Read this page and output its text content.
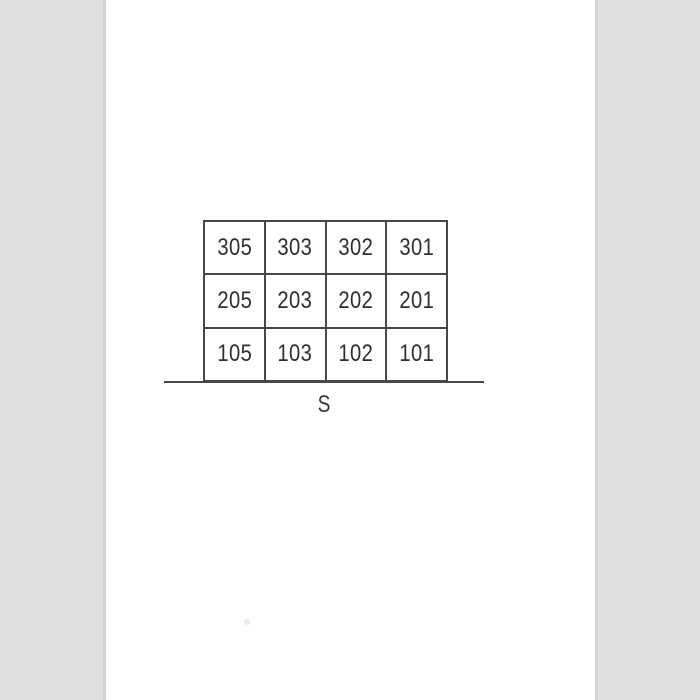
305 303 302 301
205 203 202 201
105 103 102 101
S
